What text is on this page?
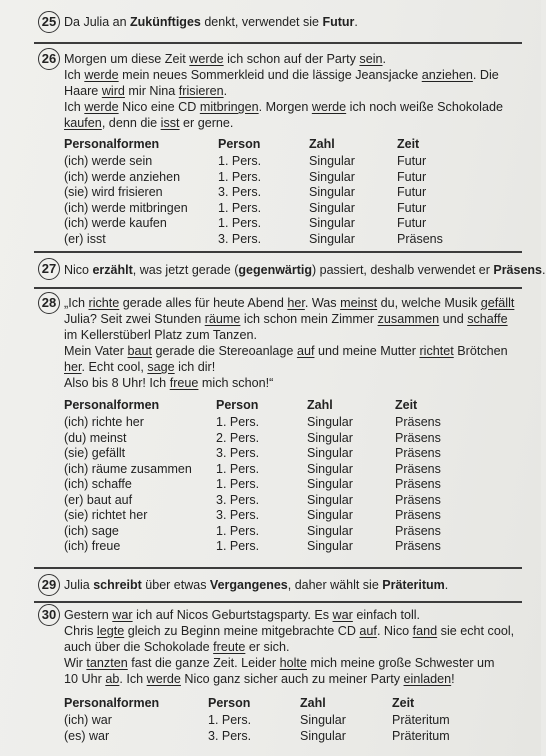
25 Da Julia an Zukünftiges denkt, verwendet sie Futur.
26 Morgen um diese Zeit werde ich schon auf der Party sein.

Ich werde mein neues Sommerkleid und die lässige Jeansjacke anziehen. Die

Haare wird mir Nina frisieren.

Ich werde Nico eine CD mitbringen. Morgen werde ich noch weiße Schokolade

kaufen, denn die isst er gerne.

Personalformen	Person	Zahl	Zeit
(ich) werde sein	1. Pers.	Singular	Futur
(ich) werde anziehen	1. Pers.	Singular	Futur
(sie) wird frisieren	3. Pers.	Singular	Futur
(ich) werde mitbringen 1. Pers.	Singular	Futur
(ich) werde kaufen	1. Pers.	Singular	Futur
(er) isst	3. Pers.	Singular	Präsens
27 Nico erzählt, was jetzt gerade (gegenwärtig) passiert, deshalb verwendet er Präsens.
28 „Ich richte gerade alles für heute Abend her. Was meinst du, welche Musik gefällt

Julia? Seit zwei Stunden räume ich schon mein Zimmer zusammen und schaffe

im Kellerstüberl Platz zum Tanzen.

Mein Vater baut gerade die Stereoanlage auf und meine Mutter richtet Brötchen

her. Echt cool, sage ich dir!

Also bis 8 Uhr! Ich freue mich schon!“

Personalformen	Person	Zahl	Zeit
(ich) richte her	1. Pers.	Singular	Präsens
(du) meinst	2. Pers.	Singular	Präsens
(sie) gefällt	3. Pers.	Singular	Präsens
(ich) räume zusammen 1. Pers.	Singular	Präsens
(ich) schaffe	1. Pers.	Singular	Präsens
(er) baut auf	3. Pers.	Singular	Präsens
(sie) richtet her	3. Pers.	Singular	Präsens
(ich) sage	1. Pers.	Singular	Präsens
(ich) freue	1. Pers.	Singular	Präsens
29 Julia schreibt über etwas Vergangenes, daher wählt sie Präteritum.
30 Gestern war ich auf Nicos Geburtstagsparty. Es war einfach toll.

Chris legte gleich zu Beginn meine mitgebrachte CD auf. Nico fand sie echt cool,

auch über die Schokolade freute er sich.

Wir tanzten fast die ganze Zeit. Leider holte mich meine große Schwester um

10 Uhr ab. Ich werde Nico ganz sicher auch zu meiner Party einladen!

Personalformen	Person	Zahl	Zeit
(ich) war	1. Pers.	Singular	Präteritum
(es) war	3. Pers.	Singular	Präteritum
